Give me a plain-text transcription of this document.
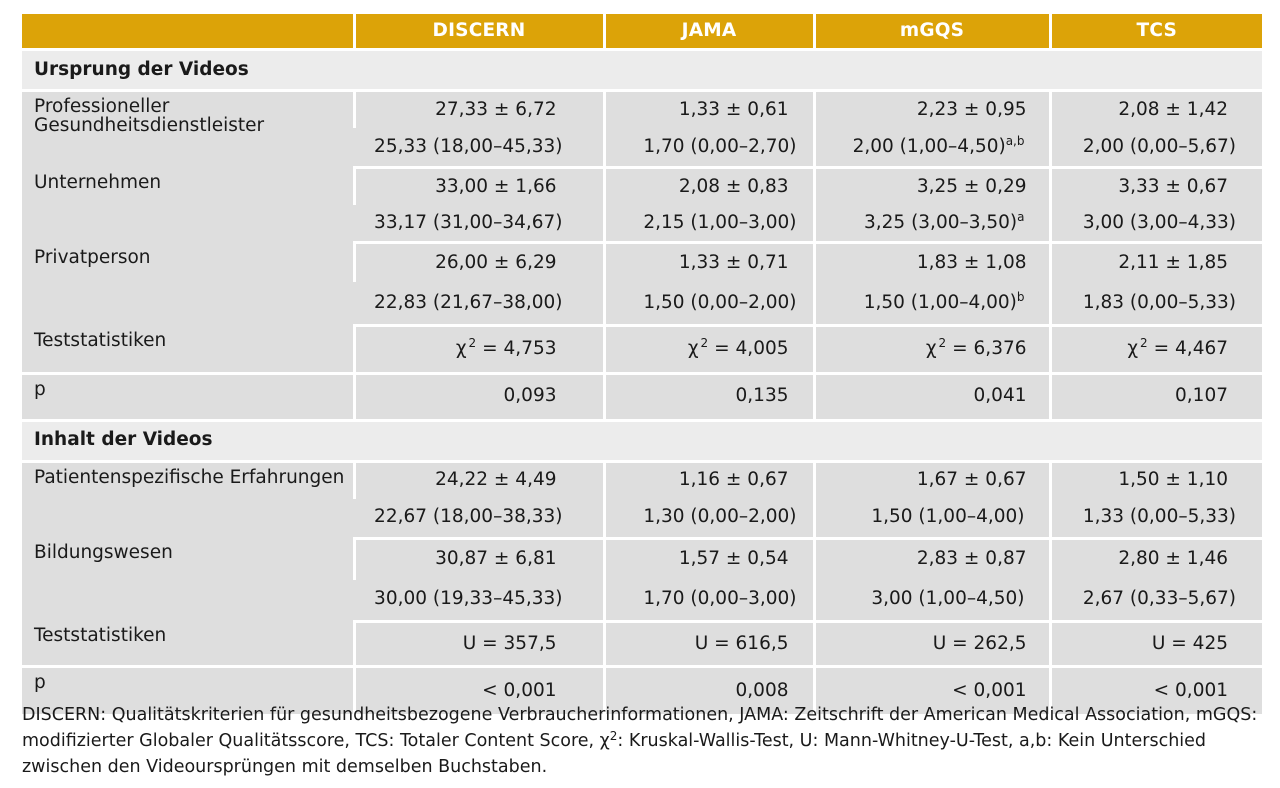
	DISCERN	JAMA	mGQS	TCS
Ursprung der Videos				
Professioneller Gesundheitsdienstleister	27,33 ± 6,72	1,33 ± 0,61	2,23 ± 0,95	2,08 ± 1,42
	25,33 (18,00–45,33)	1,70 (0,00–2,70)	2,00 $(1,00-4,50)^{a,b}$	2,00 (0,00–5,67)
Unternehmen	33,00 ± 1,66	2,08 ± 0,83	3,25 ± 0,29	3,33 ± 0,67
	33,17 (31,00–34,67)	2,15 (1,00–3,00)	3,25 $(3,00-3,50)^a$	3,00 (3,00–4,33)
Privatperson	26,00 ± 6,29	1,33 ± 0,71	1,83 ± 1,08	2,11 ± 1,85
	22,83 (21,67–38,00)	1,50 (0,00–2,00)	1,50 $(1,00-4,00)^b$	1,83 (0,00–5,33)
Teststatistiken	χ $^2$ = 4,753	χ $^2$ = 4,005	χ $^2$ = 6,376	χ $^2$ = 4,467
p	0,093	0,135	0,041	0,107
Inhalt der Videos				
Patientenspezifische Erfahrungen	24,22 ± 4,49	1,16 ± 0,67	1,67 ± 0,67	1,50 ± 1,10
	22,67 (18,00–38,33)	1,30 (0,00–2,00)	1,50 (1,00–4,00)	1,33 (0,00–5,33)
Bildungswesen	30,87 ± 6,81	1,57 ± 0,54	2,83 ± 0,87	2,80 ± 1,46
	30,00 (19,33–45,33)	1,70 (0,00–3,00)	3,00 (1,00–4,50)	2,67 (0,33–5,67)
Teststatistiken	U = 357,5	U = 616,5	U = 262,5	U = 425
p	< 0,001	0,008	< 0,001	< 0,001

DISCERN: Qualitätskriterien für gesundheitsbezogene Verbraucherinformationen, JAMA: Zeitschrift der American Medical Association, mGQS: modifizierter Globaler Qualitätsscore, TCS: Totaler Content Score, $\chi^2$: Kruskal-Wallis-Test, U: Mann-Whitney-U-Test, a,b: Kein Unterschied zwischen den Videoursprüngen mit demselben Buchstaben.
